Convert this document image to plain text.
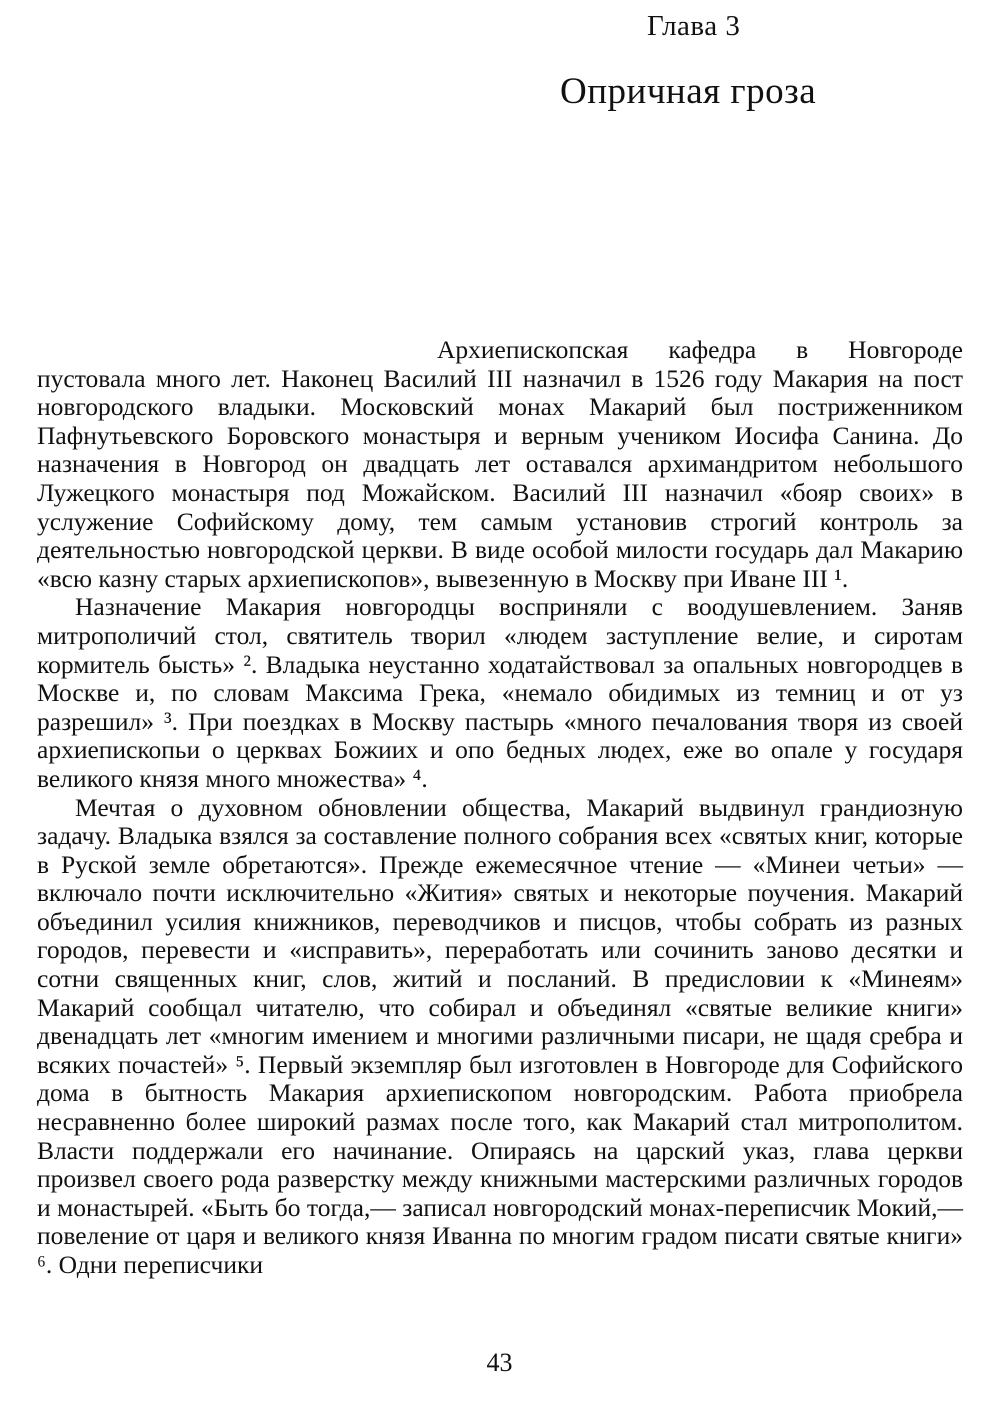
Глава 3
Опричная гроза

Архиепископская кафедра в Новгороде пустовала много лет. Наконец Василий III назначил в 1526 году Макария на пост новгородского владыки. Московский монах Макарий был постриженником Пафнутьевского Боровского монастыря и верным учеником Иосифа Санина. До назначения в Новгород он двадцать лет оставался архимандритом небольшого Лужецкого монастыря под Можайском. Василий III назначил «бояр своих» в услужение Софийскому дому, тем самым установив строгий контроль за деятельностью новгородской церкви. В виде особой милости государь дал Макарию «всю казну старых архиепископов», вывезенную в Москву при Иване III ¹.

Назначение Макария новгородцы восприняли с воодушевлением. Заняв митрополичий стол, святитель творил «людем заступление велие, и сиротам кормитель бысть» ². Владыка неустанно ходатайствовал за опальных новгородцев в Москве и, по словам Максима Грека, «немало обидимых из темниц и от уз разрешил» ³. При поездках в Москву пастырь «много печалования творя из своей архиепископьи о церквах Божиих и опо бедных людех, еже во опале у государя великого князя много множества» ⁴.

Мечтая о духовном обновлении общества, Макарий выдвинул грандиозную задачу. Владыка взялся за составление полного собрания всех «святых книг, которые в Руской земле обретаются». Прежде ежемесячное чтение — «Минеи четьи» — включало почти исключительно «Жития» святых и некоторые поучения. Макарий объединил усилия книжников, переводчиков и писцов, чтобы собрать из разных городов, перевести и «исправить», переработать или сочинить заново десятки и сотни священных книг, слов, житий и посланий. В предисловии к «Минеям» Макарий сообщал читателю, что собирал и объединял «святые великие книги» двенадцать лет «многим имением и многими различными писари, не щадя сребра и всяких почастей» ⁵. Первый экземпляр был изготовлен в Новгороде для Софийского дома в бытность Макария архиепископом новгородским. Работа приобрела несравненно более широкий размах после того, как Макарий стал митрополитом. Власти поддержали его начинание. Опираясь на царский указ, глава церкви произвел своего рода разверстку между книжными мастерскими различных городов и монастырей. «Быть бо тогда,— записал новгородский монах-переписчик Мокий,— повеление от царя и великого князя Иванна по многим градом писати святые книги» ⁶. Одни переписчики

43
